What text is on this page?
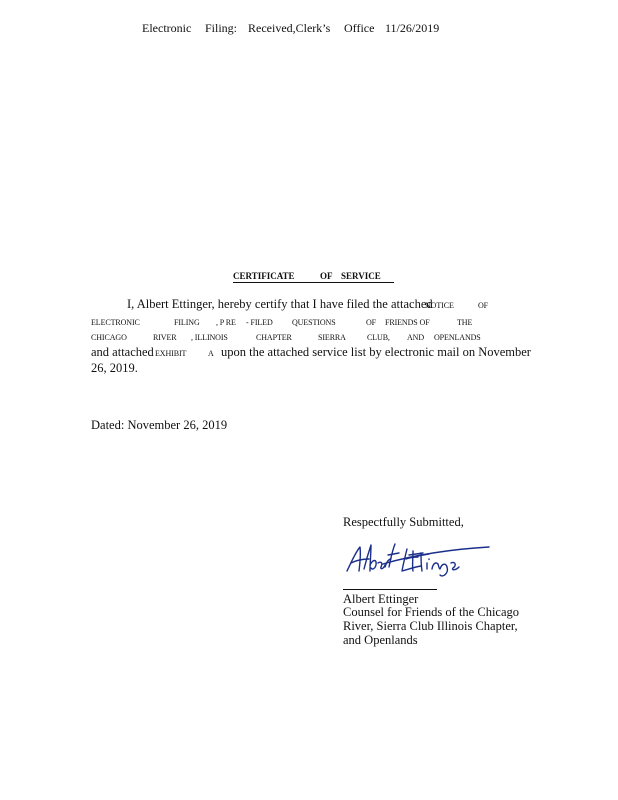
Electronic Filing: Received,Clerk’s Office 11/26/2019
CERTIFICATE	OF SERVICE
I, Albert Ettinger, hereby certify that I have filed the attached
NOTICE	OF
ELECTRONIC	FILING , P RE - FILED QUESTIONS	OF FRIENDS OF	THE
CHICAGO	RIVER , ILLINOIS	CHAPTER	SIERRA	CLUB, AND OPENLANDS
and attached EXHIBIT	A upon the attached service list by electronic mail on November
26, 2019.
Dated: November 26, 2019
Respectfully Submitted,
Albert Ettinger
Counsel for Friends of the Chicago
River, Sierra Club Illinois Chapter,
and Openlands
